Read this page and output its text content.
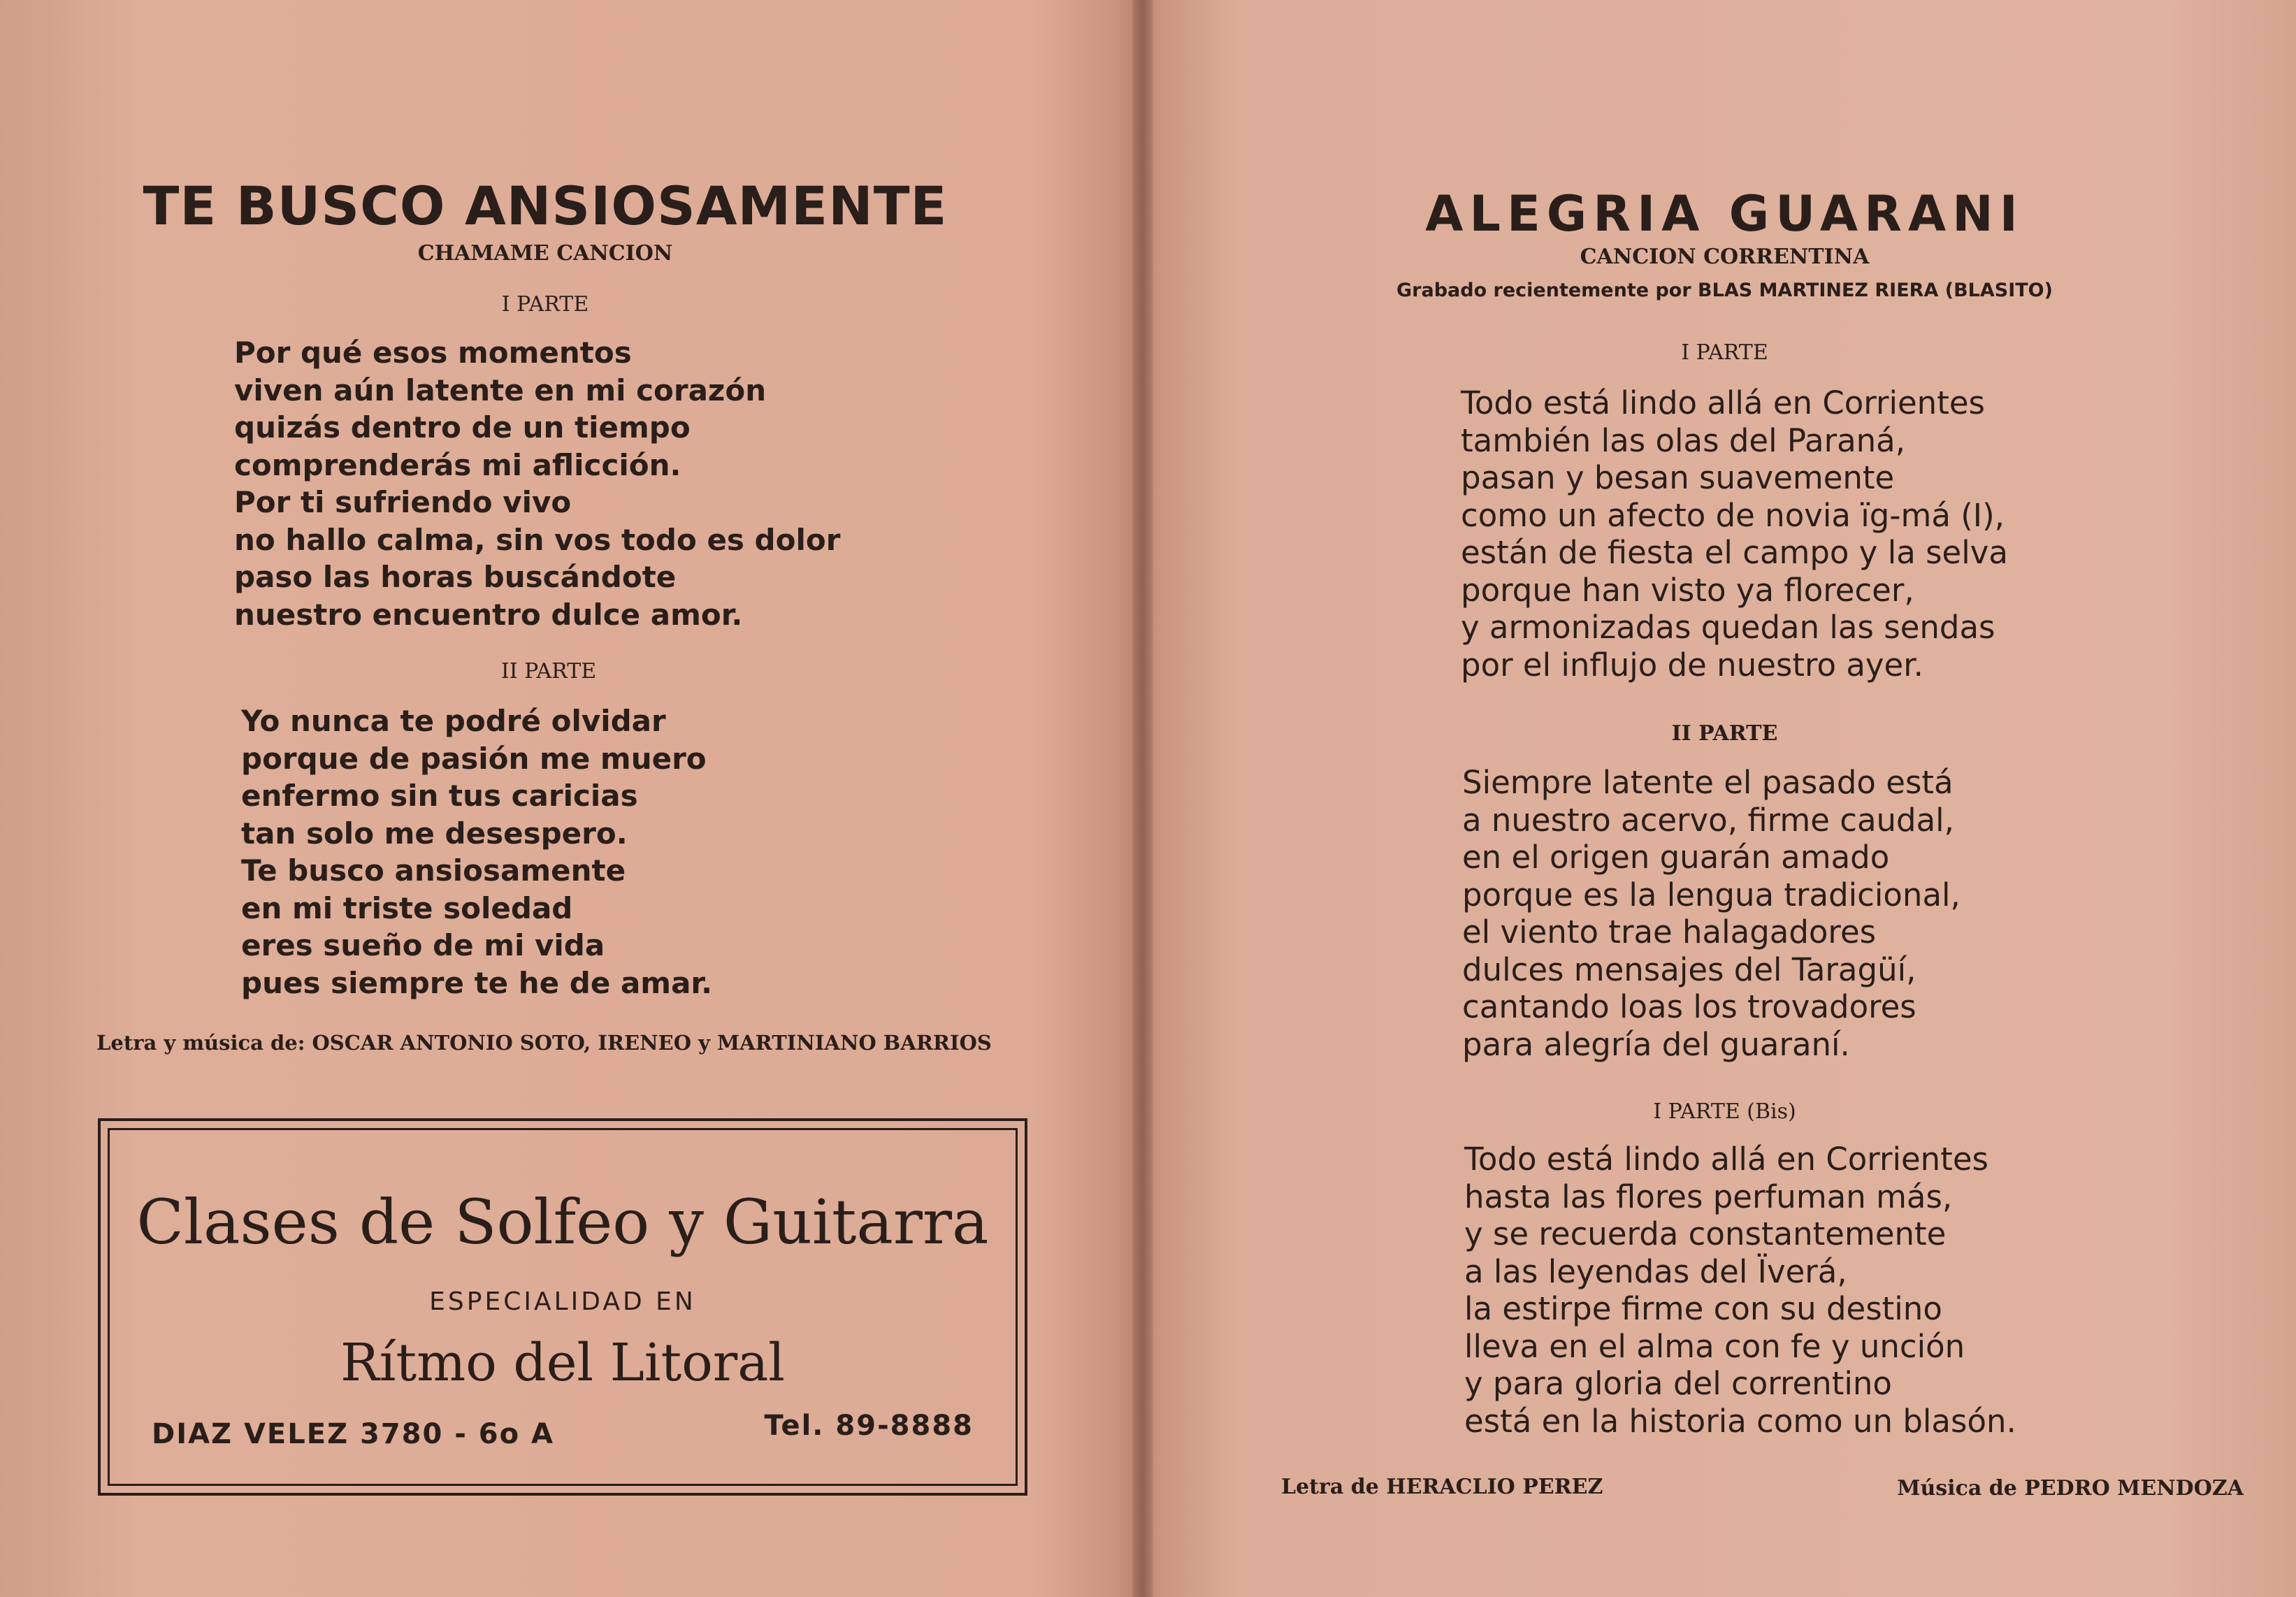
TE BUSCO ANSIOSAMENTE

CHAMAME CANCION

I PARTE

Por qué esos momentos
viven aún latente en mi corazón
quizás dentro de un tiempo
comprenderás mi aflicción.
Por ti sufriendo vivo
no hallo calma, sin vos todo es dolor
paso las horas buscándote
nuestro encuentro dulce amor.

II PARTE

Yo nunca te podré olvidar
porque de pasión me muero
enfermo sin tus caricias
tan solo me desespero.
Te busco ansiosamente
en mi triste soledad
eres sueño de mi vida
pues siempre te he de amar.

Letra y música de: OSCAR ANTONIO SOTO, IRENEO y MARTINIANO BARRIOS

Clases de Solfeo y Guitarra

ESPECIALIDAD EN

Rítmo del Litoral

DIAZ VELEZ 3780 - 6o A	Tel. 89-8888

ALEGRIA GUARANI

CANCION CORRENTINA

Grabado recientemente por BLAS MARTINEZ RIERA (BLASITO)

I PARTE

Todo está lindo allá en Corrientes
también las olas del Paraná,
pasan y besan suavemente
como un afecto de novia ïg-má (I),
están de fiesta el campo y la selva
porque han visto ya florecer,
y armonizadas quedan las sendas
por el influjo de nuestro ayer.

II PARTE

Siempre latente el pasado está
a nuestro acervo, firme caudal,
en el origen guarán amado
porque es la lengua tradicional,
el viento trae halagadores
dulces mensajes del Taragüí,
cantando loas los trovadores
para alegría del guaraní.

I PARTE (Bis)

Todo está lindo allá en Corrientes
hasta las flores perfuman más,
y se recuerda constantemente
a las leyendas del Ïverá,
la estirpe firme con su destino
lleva en el alma con fe y unción
y para gloria del correntino
está en la historia como un blasón.

Letra de HERACLIO PEREZ	Música de PEDRO MENDOZA
